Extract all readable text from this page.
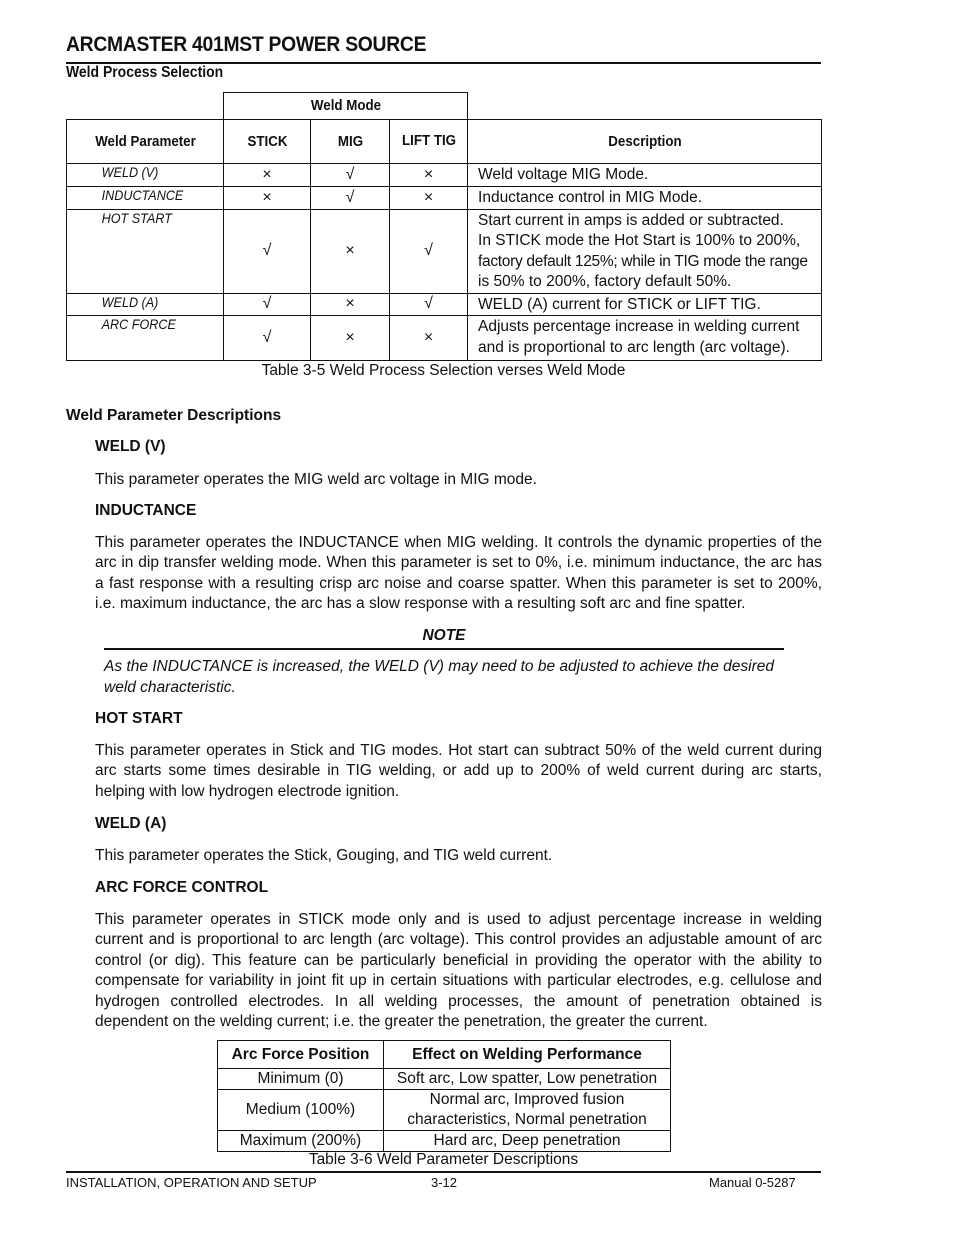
ARCMASTER 401MST POWER SOURCE
Weld Process Selection
	Weld Mode			
Weld Parameter	STICK	MIG	LIFT TIG	Description
WELD (V)	×	√	×	Weld voltage MIG Mode.
INDUCTANCE	×	√	×	Inductance control in MIG Mode.
HOT START	√	×	√	Start current in amps is added or subtracted.
In STICK mode the Hot Start is 100% to 200%,
factory default 125%; while in TIG mode the range
is 50% to 200%, factory default 50%.

WELD (A)	√	×	√	WELD (A) current for STICK or LIFT TIG.
ARC FORCE	√	×	×	Adjusts percentage increase in welding current
and is proportional to arc length (arc voltage).
Table 3-5 Weld Process Selection verses Weld Mode
Weld Parameter Descriptions
WELD (V)
This parameter operates the MIG weld arc voltage in MIG mode.
INDUCTANCE
This parameter operates the INDUCTANCE when MIG welding. It controls the dynamic properties of the arc in dip transfer welding mode. When this parameter is set to 0%, i.e. minimum inductance, the arc has a fast response with a resulting crisp arc noise and coarse spatter. When this parameter is set to 200%, i.e. maximum inductance, the arc has a slow response with a resulting soft arc and fine spatter.
NOTE
As the INDUCTANCE is increased, the WELD (V) may need to be adjusted to achieve the desired weld characteristic.
HOT START
This parameter operates in Stick and TIG modes. Hot start can subtract 50% of the weld current during arc starts some times desirable in TIG welding, or add up to 200% of weld current during arc starts, helping with low hydrogen electrode ignition.
WELD (A)
This parameter operates the Stick, Gouging, and TIG weld current.
ARC FORCE CONTROL
This parameter operates in STICK mode only and is used to adjust percentage increase in welding current and is proportional to arc length (arc voltage). This control provides an adjustable amount of arc control (or dig). This feature can be particularly beneficial in providing the operator with the ability to compensate for variability in joint fit up in certain situations with particular electrodes, e.g. cellulose and hydrogen controlled electrodes. In all welding processes, the amount of penetration obtained is dependent on the welding current; i.e. the greater the penetration, the greater the current.
Arc Force Position	Effect on Welding Performance
Minimum (0)	Soft arc, Low spatter, Low penetration

Medium (100%)	Normal arc, Improved fusion
characteristics, Normal penetration

Maximum (200%)	Hard arc, Deep penetration
Table 3-6 Weld Parameter Descriptions
INSTALLATION, OPERATION AND SETUP	3-12	Manual 0-5287
